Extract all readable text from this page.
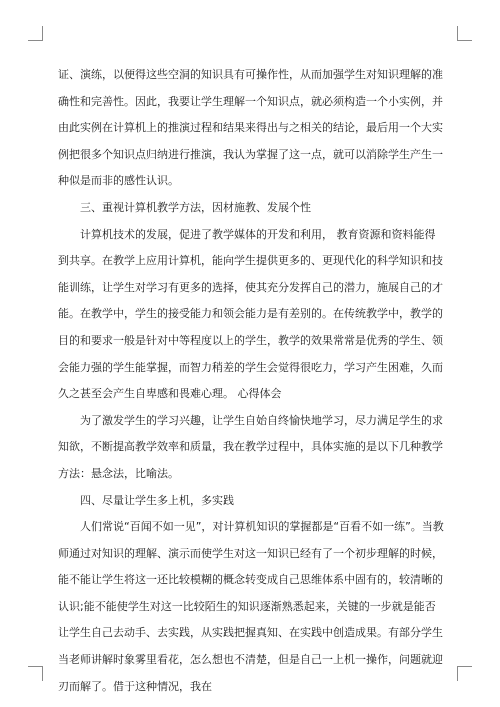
证、演练，以便得这些空洞的知识具有可操作性，从而加强学生对知识理解的准确性和完善性。因此，我要让学生理解一个知识点，就必须构造一个小实例，并由此实例在计算机上的推演过程和结果来得出与之相关的结论，最后用一个大实例把很多个知识点归纳进行推演，我认为掌握了这一点，就可以消除学生产生一种似是而非的感性认识。

三、重视计算机教学方法，因材施教、发展个性

计算机技术的发展，促进了教学媒体的开发和利用， 教育资源和资料能得到共享。在教学上应用计算机，能向学生提供更多的、更现代化的科学知识和技能训练，让学生对学习有更多的选择，使其充分发挥自己的潜力，施展自己的才能。在教学中，学生的接受能力和领会能力是有差别的。在传统教学中，教学的目的和要求一般是针对中等程度以上的学生，教学的效果常常是优秀的学生、领会能力强的学生能掌握，而智力稍差的学生会觉得很吃力，学习产生困难，久而久之甚至会产生自卑感和畏难心理。 心得体会

为了激发学生的学习兴趣，让学生自始自终愉快地学习，尽力满足学生的求知欲，不断提高教学效率和质量，我在教学过程中，具体实施的是以下几种教学方法：悬念法，比喻法。

四、尽量让学生多上机，多实践

人们常说“百闻不如一见”，对计算机知识的掌握都是“百看不如一练”。当教师通过对知识的理解、演示而使学生对这一知识已经有了一个初步理解的时候，能不能让学生将这一还比较模糊的概念转变成自己思维体系中固有的，较清晰的认识;能不能使学生对这一比较陌生的知识逐渐熟悉起来，关键的一步就是能否让学生自己去动手、去实践，从实践把握真知、在实践中创造成果。有部分学生当老师讲解时象雾里看花，怎么想也不清楚，但是自己一上机一操作，问题就迎刃而解了。借于这种情况，我在
